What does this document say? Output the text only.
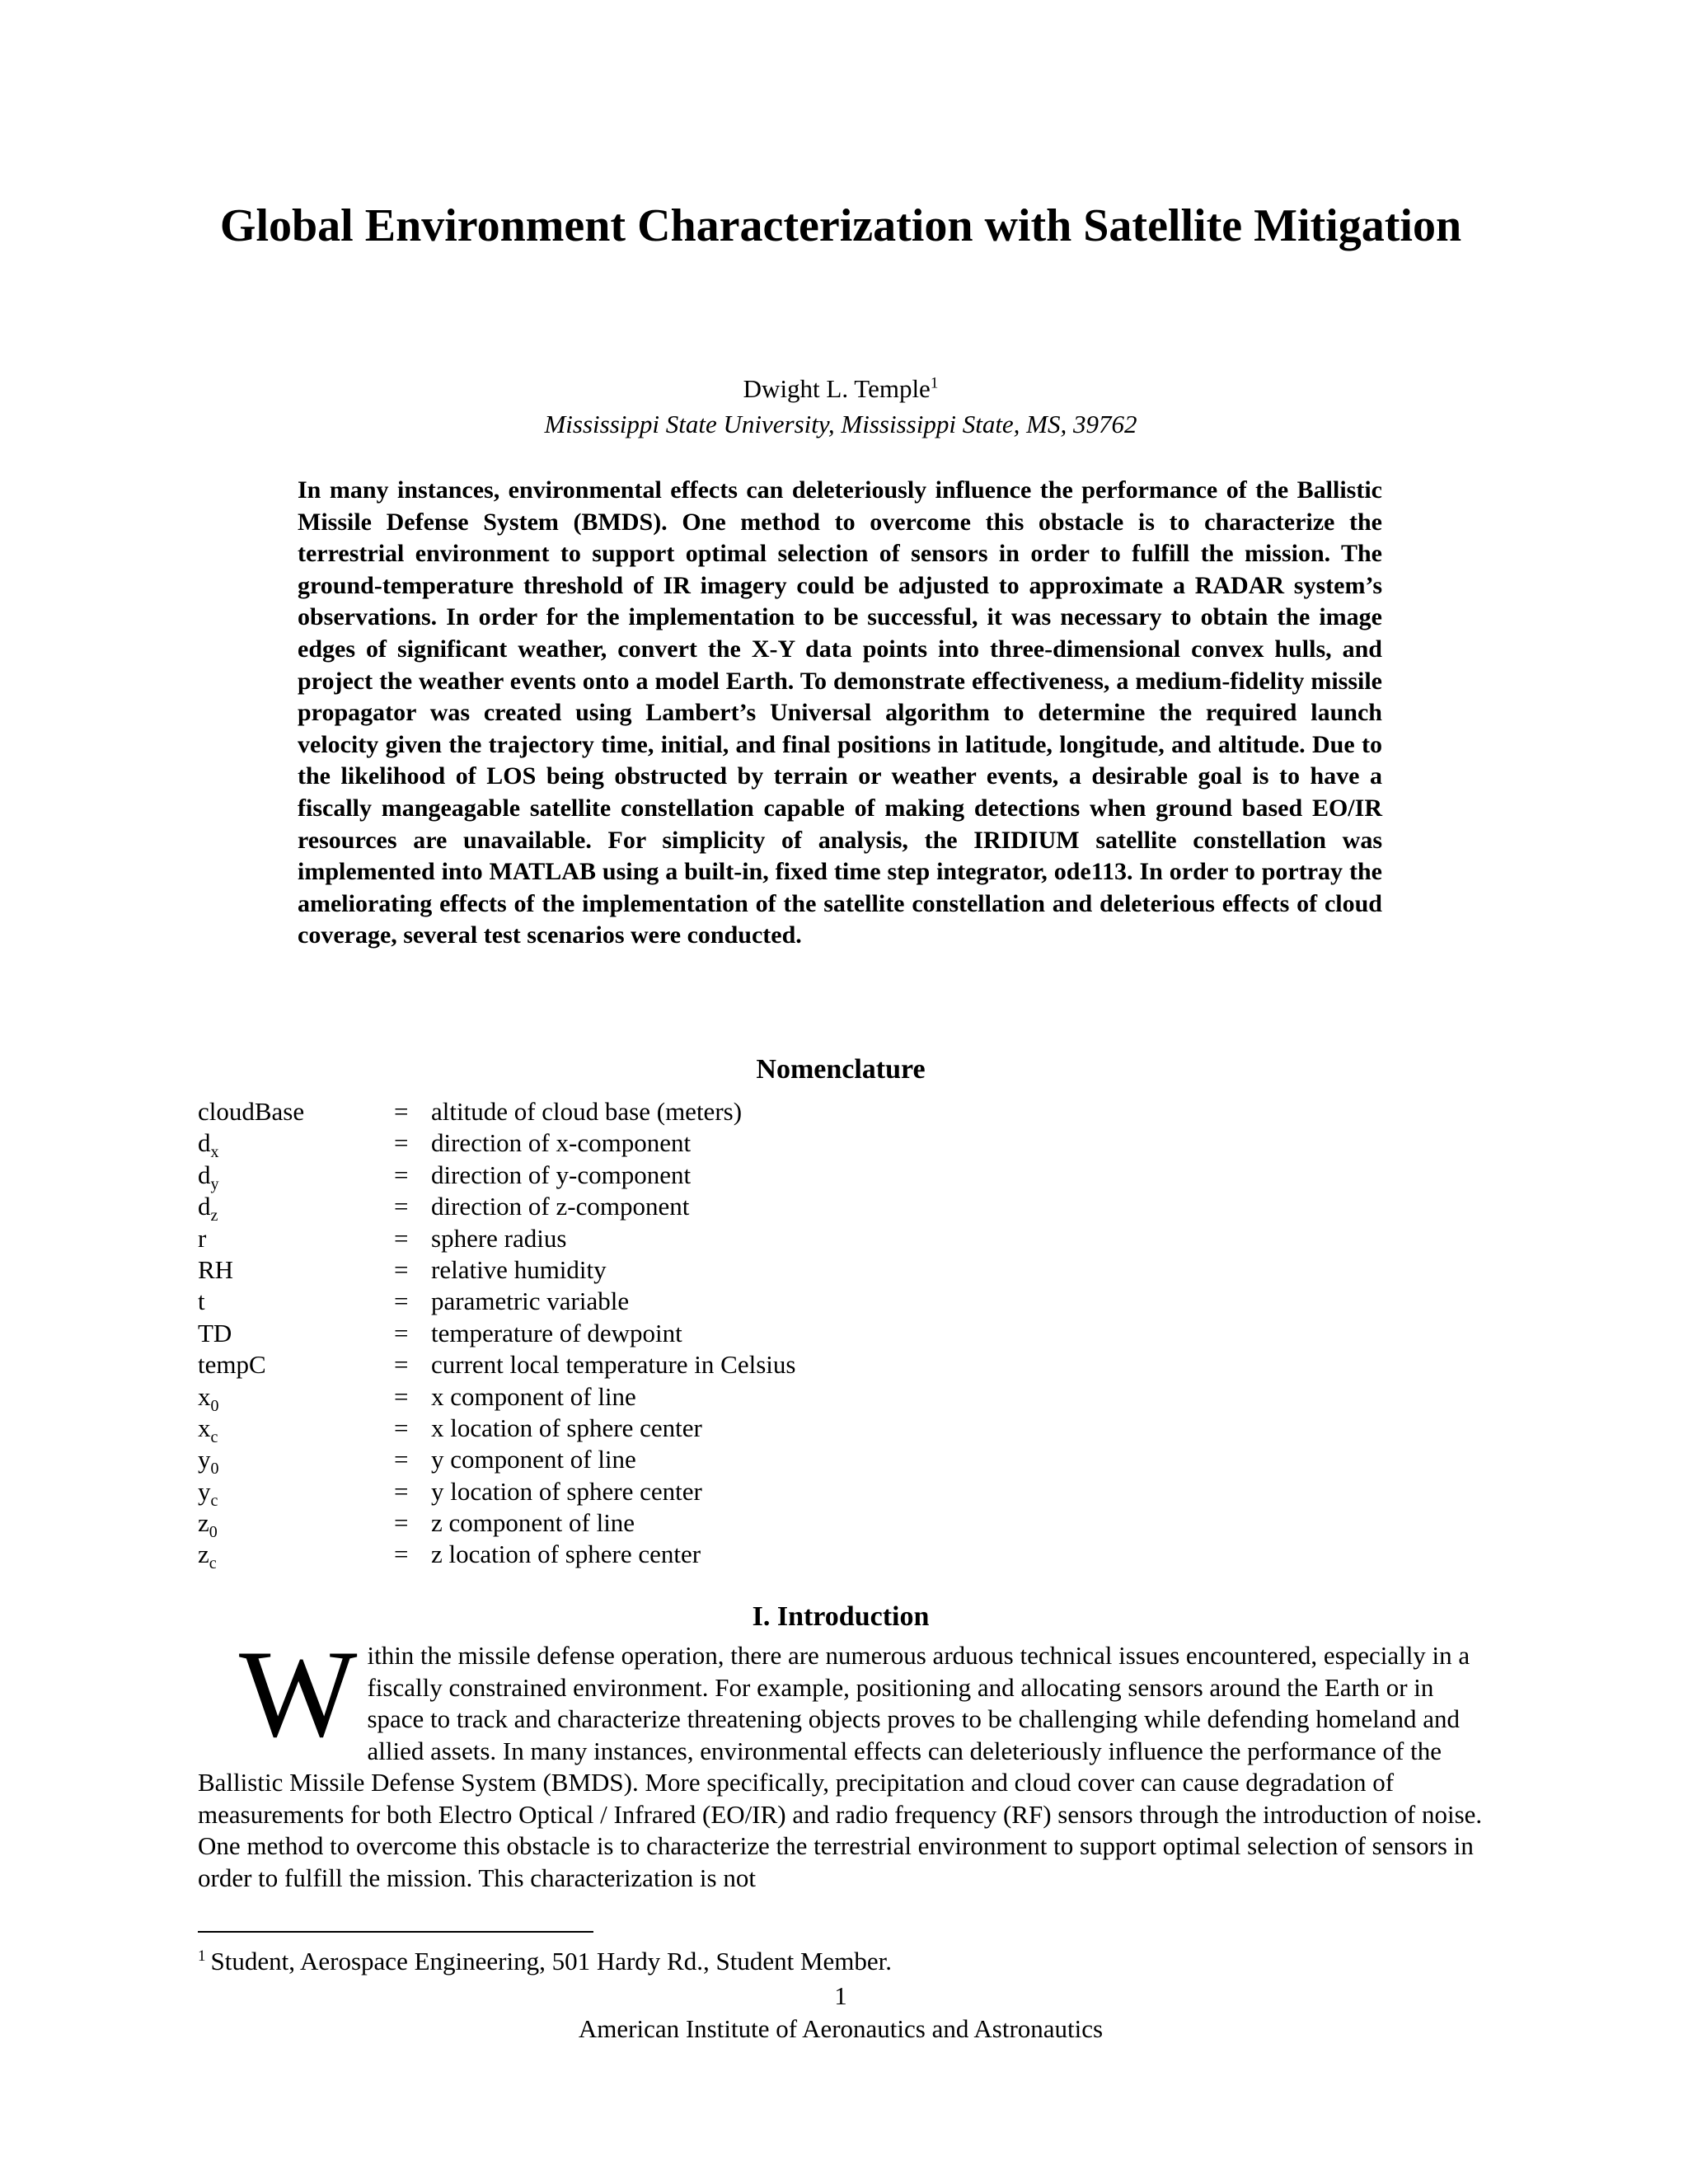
Global Environment Characterization with Satellite Mitigation
Dwight L. Temple$^1$
Mississippi State University, Mississippi State, MS, 39762

In many instances, environmental effects can deleteriously influence the performance of the Ballistic Missile Defense System (BMDS). One method to overcome this obstacle is to characterize the terrestrial environment to support optimal selection of sensors in order to fulfill the mission. The ground-temperature threshold of IR imagery could be adjusted to approximate a RADAR system’s observations. In order for the implementation to be successful, it was necessary to obtain the image edges of significant weather, convert the X-Y data points into three-dimensional convex hulls, and project the weather events onto a model Earth. To demonstrate effectiveness, a medium-fidelity missile propagator was created using Lambert’s Universal algorithm to determine the required launch velocity given the trajectory time, initial, and final positions in latitude, longitude, and altitude. Due to the likelihood of LOS being obstructed by terrain or weather events, a desirable goal is to have a fiscally mangeagable satellite constellation capable of making detections when ground based EO/IR resources are unavailable. For simplicity of analysis, the IRIDIUM satellite constellation was implemented into MATLAB using a built-in, fixed time step integrator, ode113. In order to portray the ameliorating effects of the implementation of the satellite constellation and deleterious effects of cloud coverage, several test scenarios were conducted.

Nomenclature
cloudBase	= altitude of cloud base (meters)
$d_x$	= direction of x-component
$d_y$	= direction of y-component
$d_z$	= direction of z-component
r	= sphere radius
RH	= relative humidity
t	= parametric variable
TD	= temperature of dewpoint
tempC	= current local temperature in Celsius
$x_0$	= x component of line
$x_c$	= x location of sphere center
$y_0$	= y component of line
$y_c$	= y location of sphere center
$z_0$	= z component of line
$z_c$	= z location of sphere center
I. Introduction

Within the missile defense operation, there are numerous arduous technical issues encountered, especially in a fiscally constrained environment. For example, positioning and allocating sensors around the Earth or in space to track and characterize threatening objects proves to be challenging while defending homeland and allied assets. In many instances, environmental effects can deleteriously influence the performance of the Ballistic Missile Defense System (BMDS). More specifically, precipitation and cloud cover can cause degradation of measurements for both Electro Optical / Infrared (EO/IR) and radio frequency (RF) sensors through the introduction of noise. One method to overcome this obstacle is to characterize the terrestrial environment to support optimal selection of sensors in order to fulfill the mission. This characterization is not

$^1$ Student, Aerospace Engineering, 501 Hardy Rd., Student Member.
1
American Institute of Aeronautics and Astronautics
